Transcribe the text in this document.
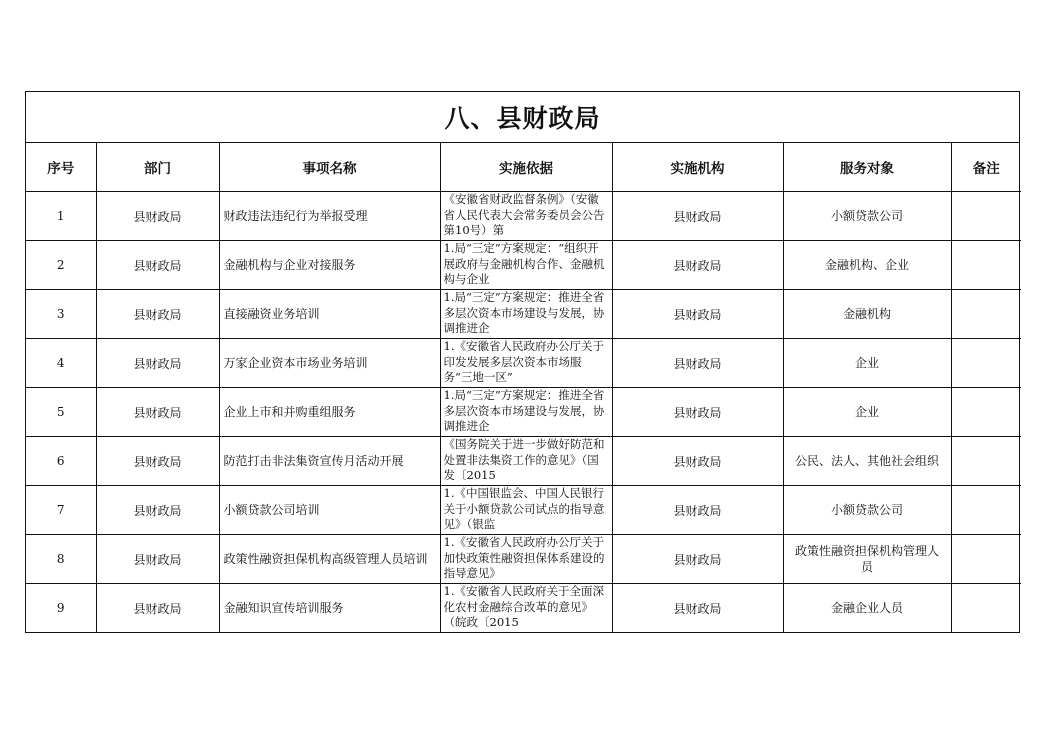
八、县财政局
序号	部门	事项名称	实施依据	实施机构	服务对象	备注
1	县财政局	财政违法违纪行为举报受理	《安徽省财政监督条例》（安徽省人民代表大会常务委员会公告第10号）第	县财政局	小额贷款公司	
2	县财政局	金融机构与企业对接服务	1.局“三定”方案规定：“组织开展政府与金融机构合作、金融机构与企业	县财政局	金融机构、企业	
3	县财政局	直接融资业务培训	1.局“三定”方案规定：推进全省多层次资本市场建设与发展，协调推进企	县财政局	金融机构	
4	县财政局	万家企业资本市场业务培训	1.《安徽省人民政府办公厅关于印发发展多层次资本市场服务“三地一区”	县财政局	企业	
5	县财政局	企业上市和并购重组服务	1.局“三定”方案规定：推进全省多层次资本市场建设与发展，协调推进企	县财政局	企业	
6	县财政局	防范打击非法集资宣传月活动开展	《国务院关于进一步做好防范和处置非法集资工作的意见》（国发〔2015	县财政局	公民、法人、其他社会组织	
7	县财政局	小额贷款公司培训	1.《中国银监会、中国人民银行关于小额贷款公司试点的指导意见》（银监	县财政局	小额贷款公司	
8	县财政局	政策性融资担保机构高级管理人员培训	1.《安徽省人民政府办公厅关于加快政策性融资担保体系建设的指导意见》	县财政局	政策性融资担保机构管理人员	
9	县财政局	金融知识宣传培训服务	1.《安徽省人民政府关于全面深化农村金融综合改革的意见》（皖政〔2015	县财政局	金融企业人员	
